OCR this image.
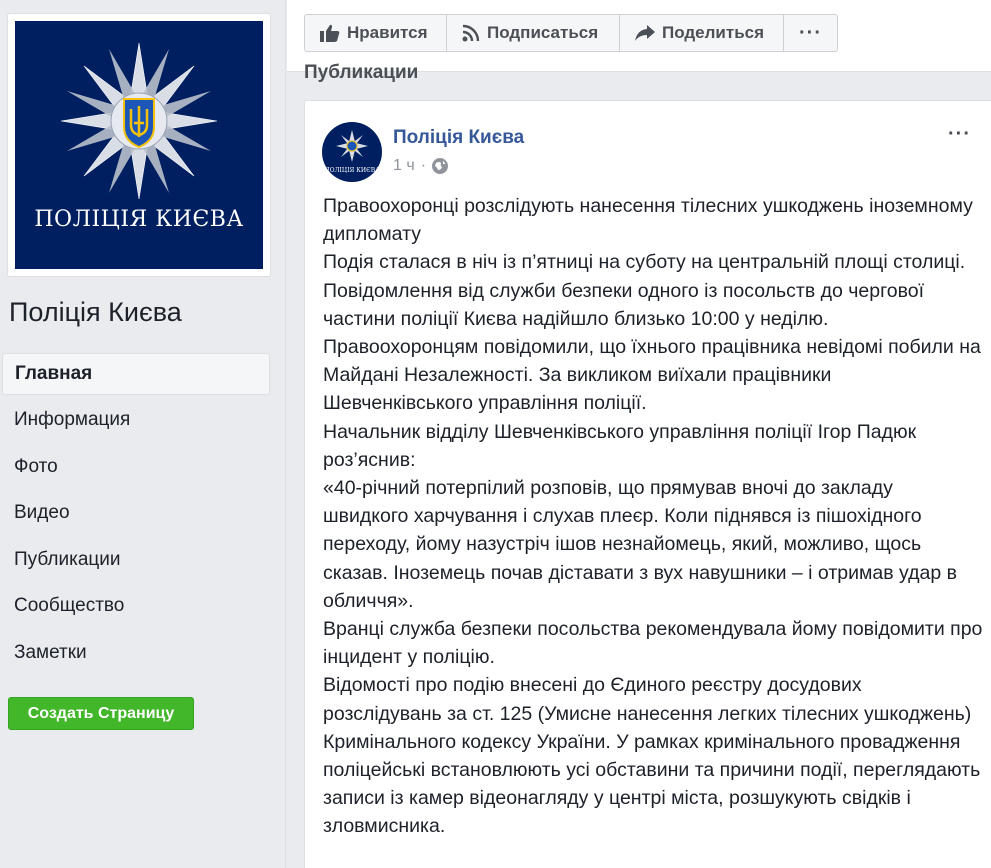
ПОЛІЦІЯ КИЄВА
Поліція Києва
Главная
Информация
Фото
Видео
Публикации
Сообщество
Заметки
Создать Страницу
Нравится	Подписаться	Поделиться	···
Публикации
ПОЛІЦІЯ КИЄВА
Поліція Києва
1 ч ·
···

Правоохоронці розслідують нанесення тілесних ушкоджень іноземному дипломату

Подія сталася в ніч із п’ятниці на суботу на центральній площі столиці.

Повідомлення від служби безпеки одного із посольств до чергової частини поліції Києва надійшло близько 10:00 у неділю.

Правоохоронцям повідомили, що їхнього працівника невідомі побили на Майдані Незалежності. За викликом виїхали працівники Шевченківського управління поліції.

Начальник відділу Шевченківського управління поліції Ігор Падюк роз’яснив:

«40-річний потерпілий розповів, що прямував вночі до закладу швидкого харчування і слухав плеєр. Коли піднявся із пішохідного переходу, йому назустріч ішов незнайомець, який, можливо, щось сказав. Іноземець почав діставати з вух навушники – і отримав удар в обличчя».

Вранці служба безпеки посольства рекомендувала йому повідомити про інцидент у поліцію.

Відомості про подію внесені до Єдиного реєстру досудових розслідувань за ст. 125 (Умисне нанесення легких тілесних ушкоджень) Кримінального кодексу України. У рамках кримінального провадження поліцейські встановлюють усі обставини та причини події, переглядають записи із камер відеонагляду у центрі міста, розшукують свідків і зловмисника.
